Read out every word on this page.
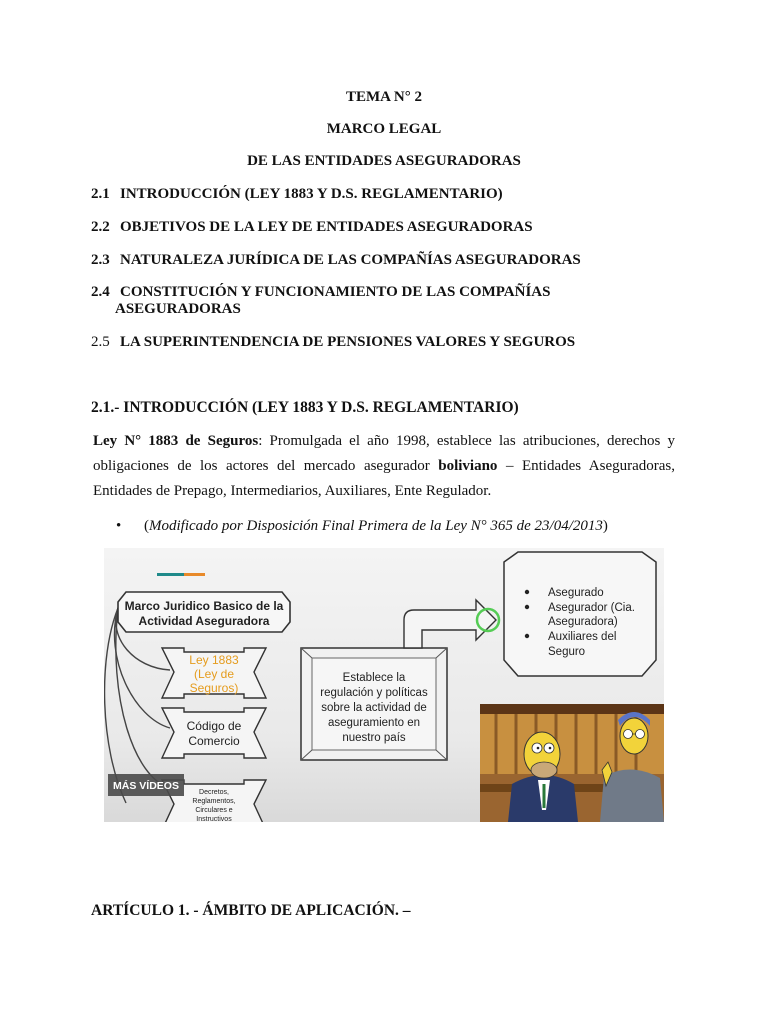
TEMA N° 2
MARCO LEGAL
DE LAS ENTIDADES ASEGURADORAS
2.1 INTRODUCCIÓN (LEY 1883 Y D.S. REGLAMENTARIO)
2.2 OBJETIVOS DE LA LEY DE ENTIDADES ASEGURADORAS
2.3 NATURALEZA JURÍDICA DE LAS COMPAÑÍAS ASEGURADORAS
2.4 CONSTITUCIÓN Y FUNCIONAMIENTO DE LAS COMPAÑÍAS
ASEGURADORAS
2.5 LA SUPERINTENDENCIA DE PENSIONES VALORES Y SEGUROS
2.1.- INTRODUCCIÓN (LEY 1883 Y D.S. REGLAMENTARIO)
Ley N° 1883 de Seguros: Promulgada el año 1998, establece las atribuciones, derechos y obligaciones de los actores del mercado asegurador boliviano – Entidades Aseguradoras, Entidades de Prepago, Intermediarios, Auxiliares, Ente Regulador.
• (Modificado por Disposición Final Primera de la Ley N° 365 de 23/04/2013)
Marco Juridico Basico de la
Actividad Aseguradora
Ley 1883
(Ley de
Seguros)
Código de
Comercio
Decretos,
Reglamentos,
Circulares e
Instructivos
MÁS VÍDEOS
Establece la
regulación y políticas
sobre la actividad de
aseguramiento en
nuestro país
Asegurado
Asegurador (Cia.
Aseguradora)
Auxiliares del
Seguro
ARTÍCULO 1. - ÁMBITO DE APLICACIÓN. –
